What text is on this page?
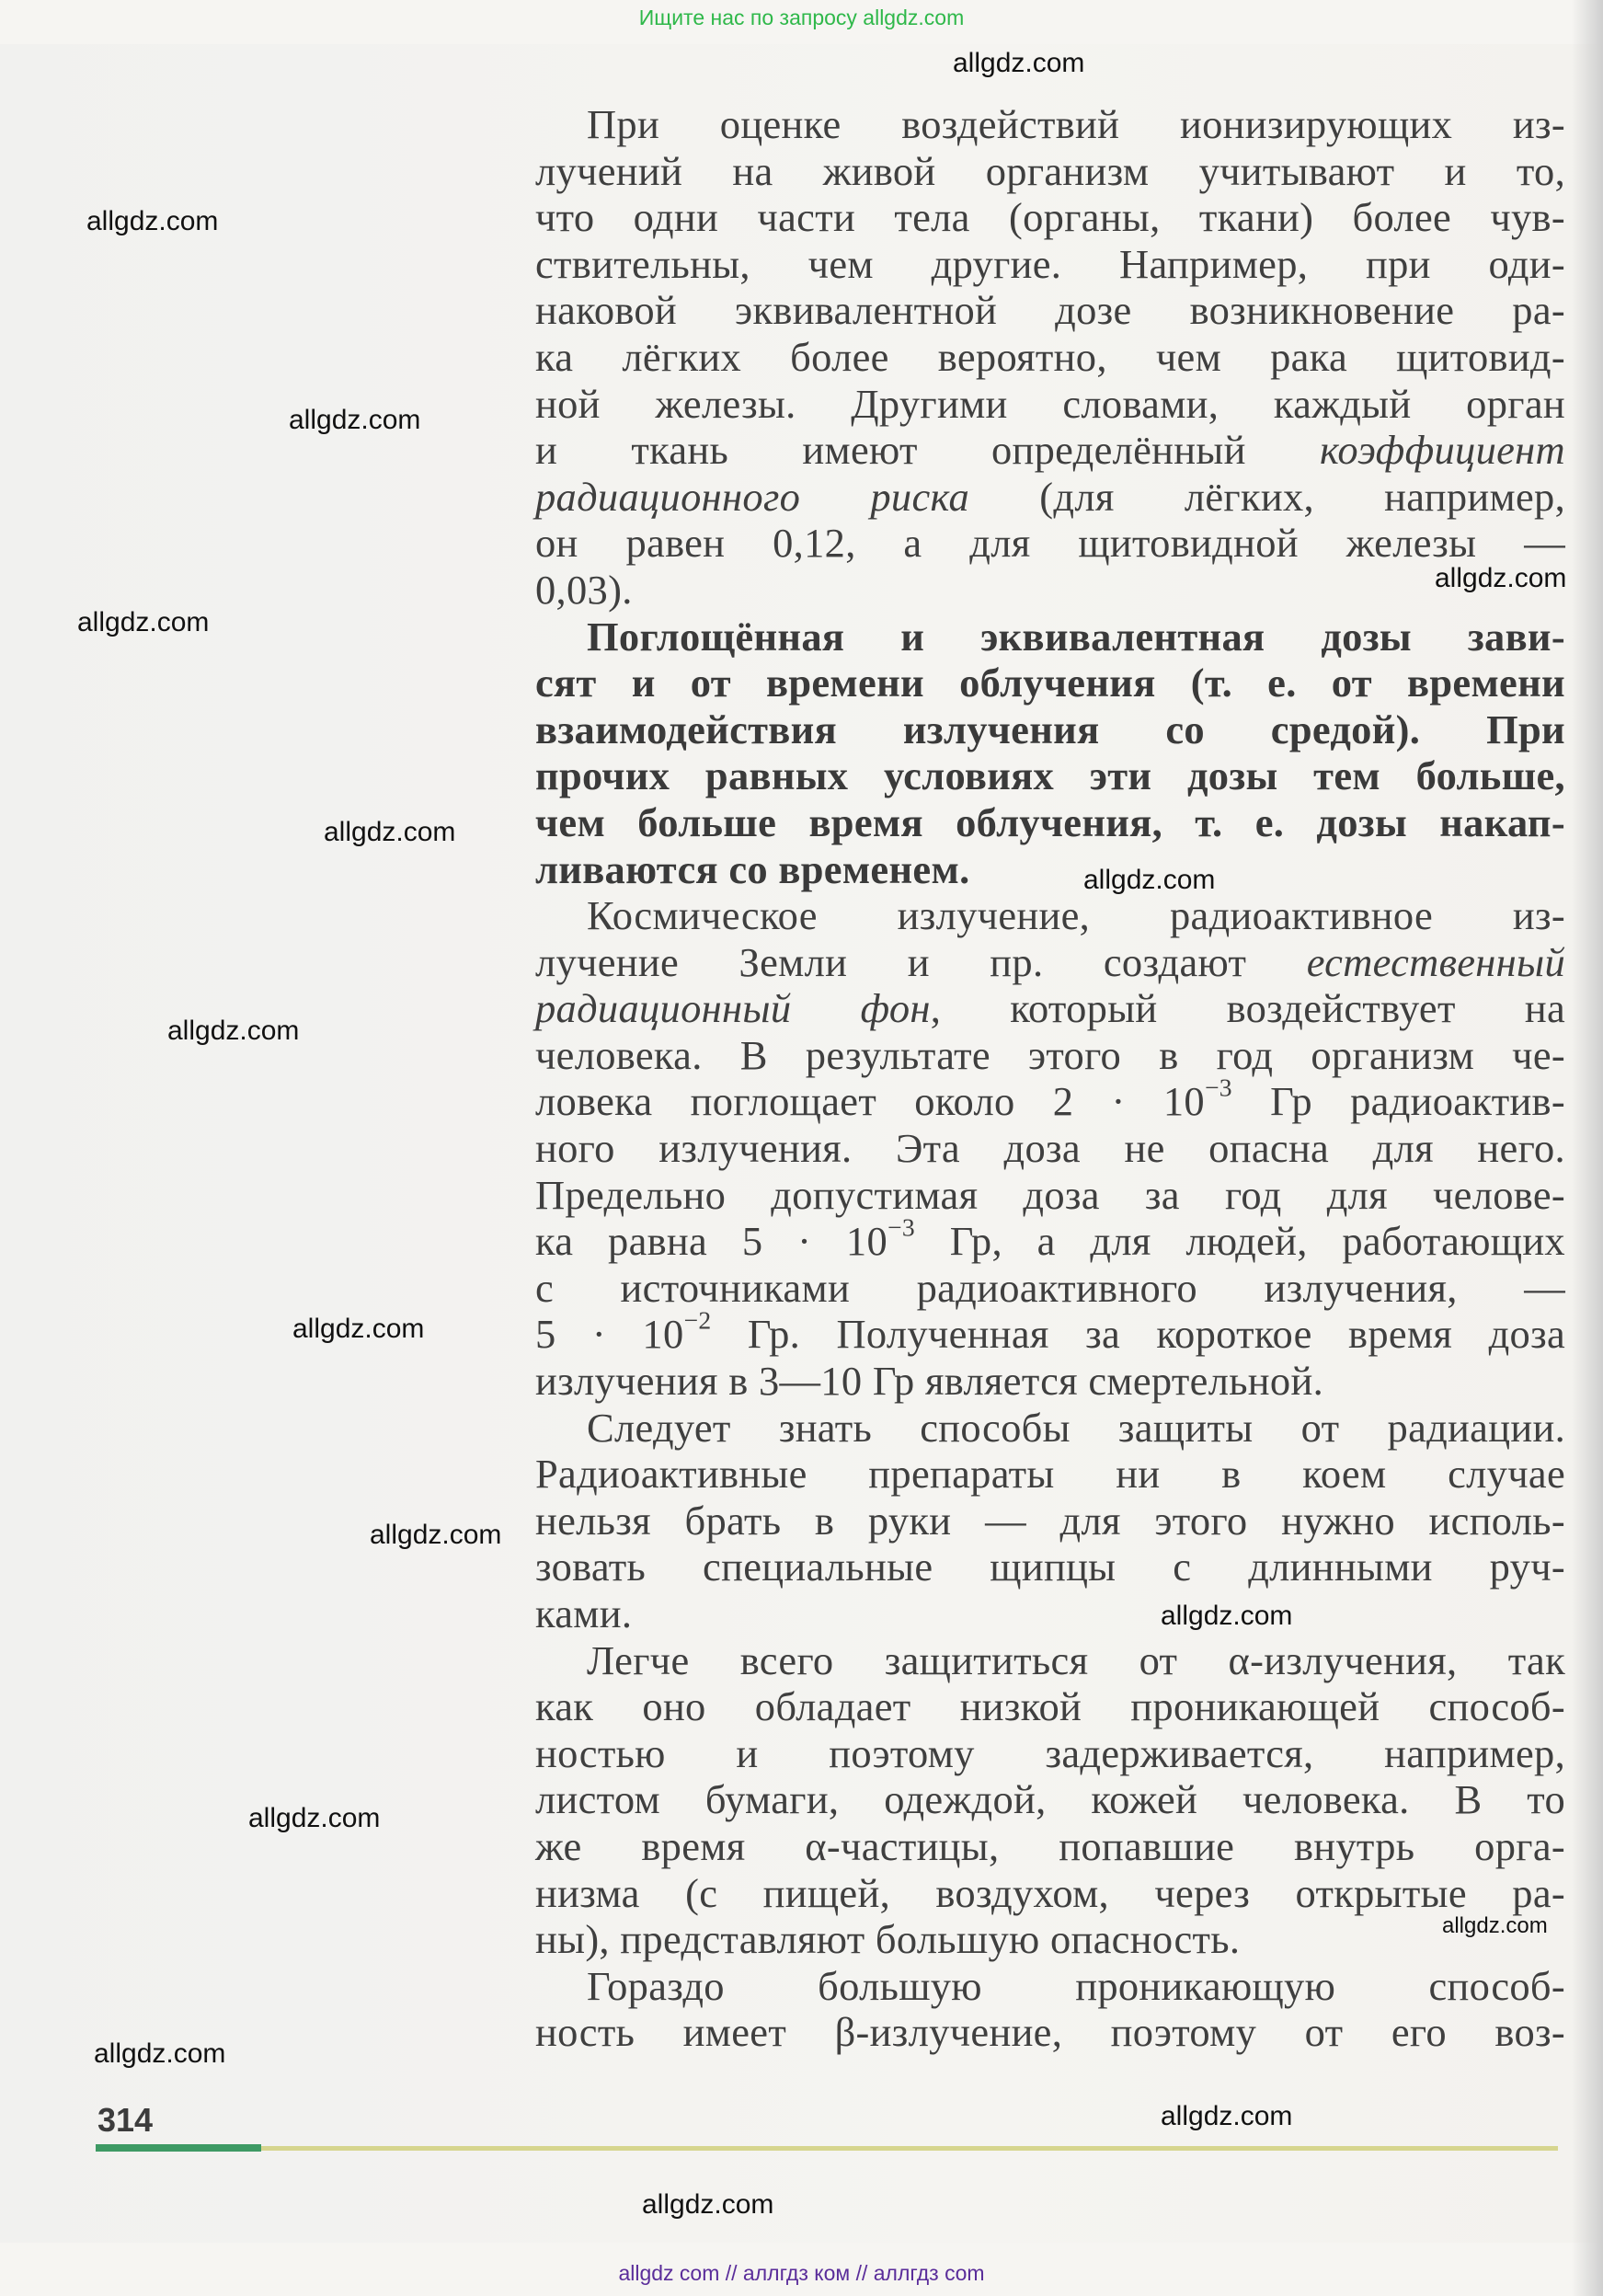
Ищите нас по запросу allgdz.com
allgdz.com
allgdz.com
allgdz.com
allgdz.com
allgdz.com
allgdz.com
allgdz.com
allgdz.com
allgdz.com
allgdz.com
allgdz.com
allgdz.com
allgdz.com
allgdz.com
allgdz.com
allgdz.com
При оценке воздействий ионизирующих из-
лучений на живой организм учитывают и то,
что одни части тела (органы, ткани) более чув-
ствительны, чем другие. Например, при оди-
наковой эквивалентной дозе возникновение ра-
ка лёгких более вероятно, чем рака щитовид-
ной железы. Другими словами, каждый орган
и ткань имеют определённый коэффициент
радиационного риска (для лёгких, например,
он равен 0,12, а для щитовидной железы —
0,03).
Поглощённая и эквивалентная дозы зави-
сят и от времени облучения (т. е. от времени
взаимодействия излучения со средой). При
прочих равных условиях эти дозы тем больше,
чем больше время облучения, т. е. дозы накап-
ливаются со временем.
Космическое излучение, радиоактивное из-
лучение Земли и пр. создают естественный
радиационный фон, который воздействует на
человека. В результате этого в год организм че-
ловека поглощает около $2 \cdot 10^{-3}$ Гр радиоактив-
ного излучения. Эта доза не опасна для него.
Предельно допустимая доза за год для челове-
ка равна $5 \cdot 10^{-3}$ Гр, а для людей, работающих
с источниками радиоактивного излучения, —
$5 \cdot 10^{-2}$ Гр. Полученная за короткое время доза
излучения в 3—10 Гр является смертельной.
Следует знать способы защиты от радиации.
Радиоактивные препараты ни в коем случае
нельзя брать в руки — для этого нужно исполь-
зовать специальные щипцы с длинными руч-
ками.
Легче всего защититься от α-излучения, так
как оно обладает низкой проникающей способ-
ностью и поэтому задерживается, например,
листом бумаги, одеждой, кожей человека. В то
же время α-частицы, попавшие внутрь орга-
низма (с пищей, воздухом, через открытые ра-
ны), представляют большую опасность.
Гораздо большую проникающую способ-
ность имеет β-излучение, поэтому от его воз-
314
allgdz com // аллгдз ком // аллгдз com
